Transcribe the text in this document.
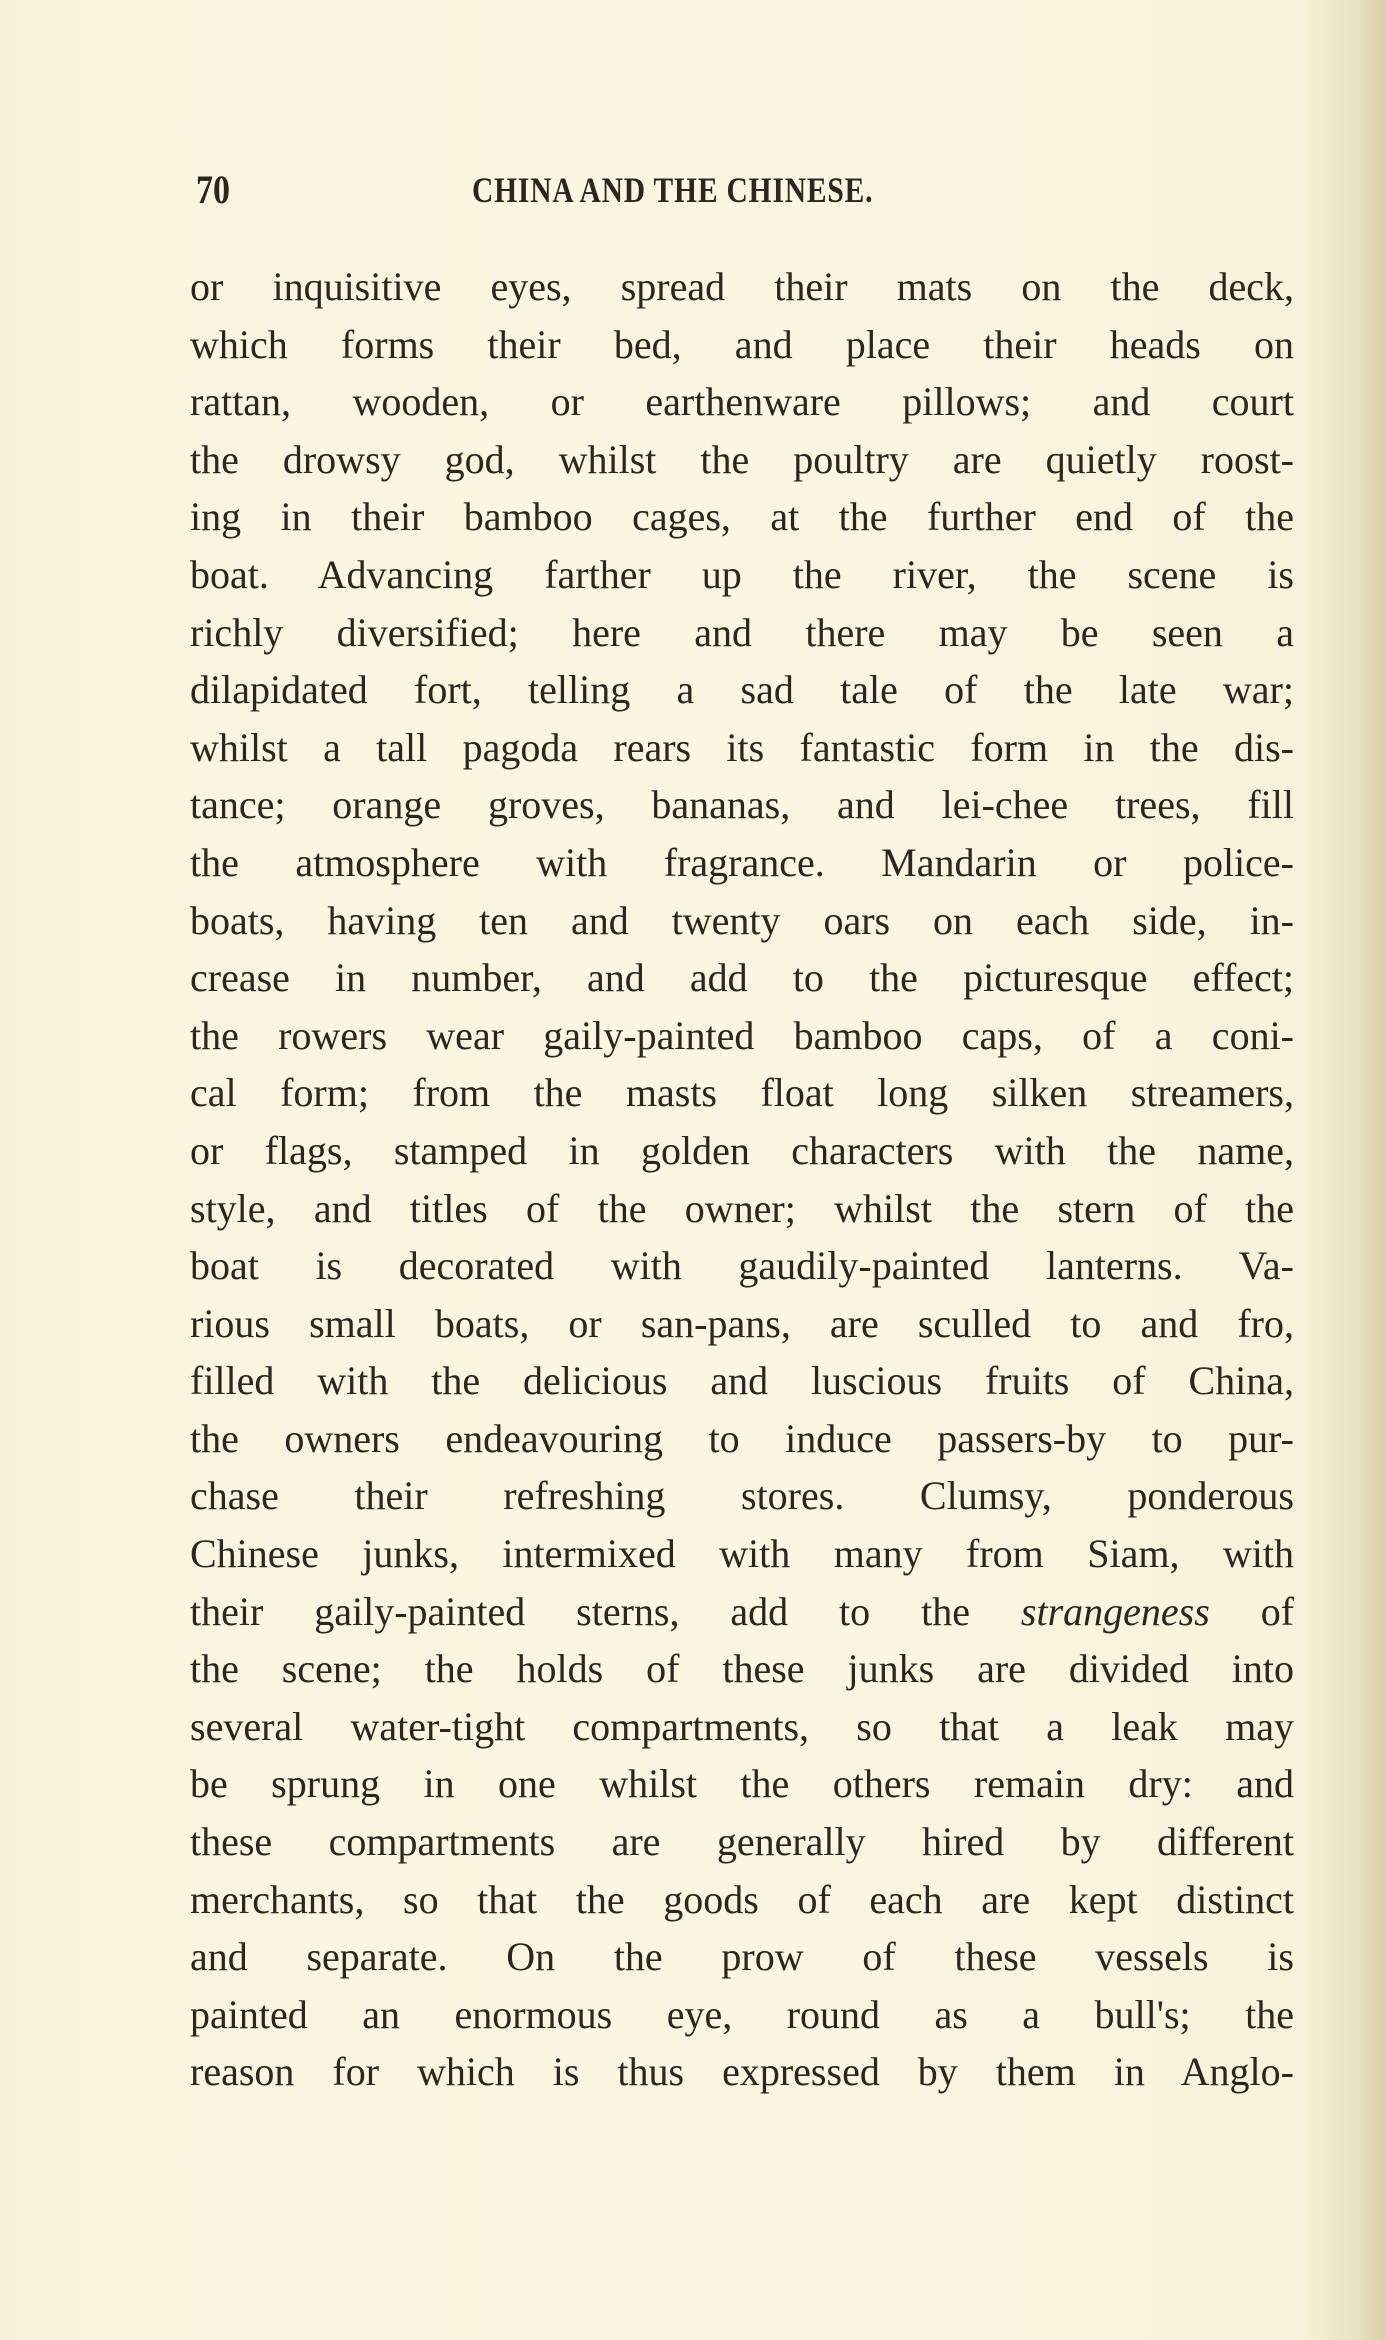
70	CHINA AND THE CHINESE.
or inquisitive eyes, spread their mats on the deck,
which forms their bed, and place their heads on
rattan, wooden, or earthenware pillows; and court
the drowsy god, whilst the poultry are quietly roost-
ing in their bamboo cages, at the further end of the
boat. Advancing farther up the river, the scene is
richly diversified; here and there may be seen a
dilapidated fort, telling a sad tale of the late war;
whilst a tall pagoda rears its fantastic form in the dis-
tance; orange groves, bananas, and lei-chee trees, fill
the atmosphere with fragrance. Mandarin or police-
boats, having ten and twenty oars on each side, in-
crease in number, and add to the picturesque effect;
the rowers wear gaily-painted bamboo caps, of a coni-
cal form; from the masts float long silken streamers,
or flags, stamped in golden characters with the name,
style, and titles of the owner; whilst the stern of the
boat is decorated with gaudily-painted lanterns. Va-
rious small boats, or san-pans, are sculled to and fro,
filled with the delicious and luscious fruits of China,
the owners endeavouring to induce passers-by to pur-
chase their refreshing stores. Clumsy, ponderous
Chinese junks, intermixed with many from Siam, with
their gaily-painted sterns, add to the strangeness of
the scene; the holds of these junks are divided into
several water-tight compartments, so that a leak may
be sprung in one whilst the others remain dry: and
these compartments are generally hired by different
merchants, so that the goods of each are kept distinct
and separate. On the prow of these vessels is
painted an enormous eye, round as a bull's; the
reason for which is thus expressed by them in Anglo-
